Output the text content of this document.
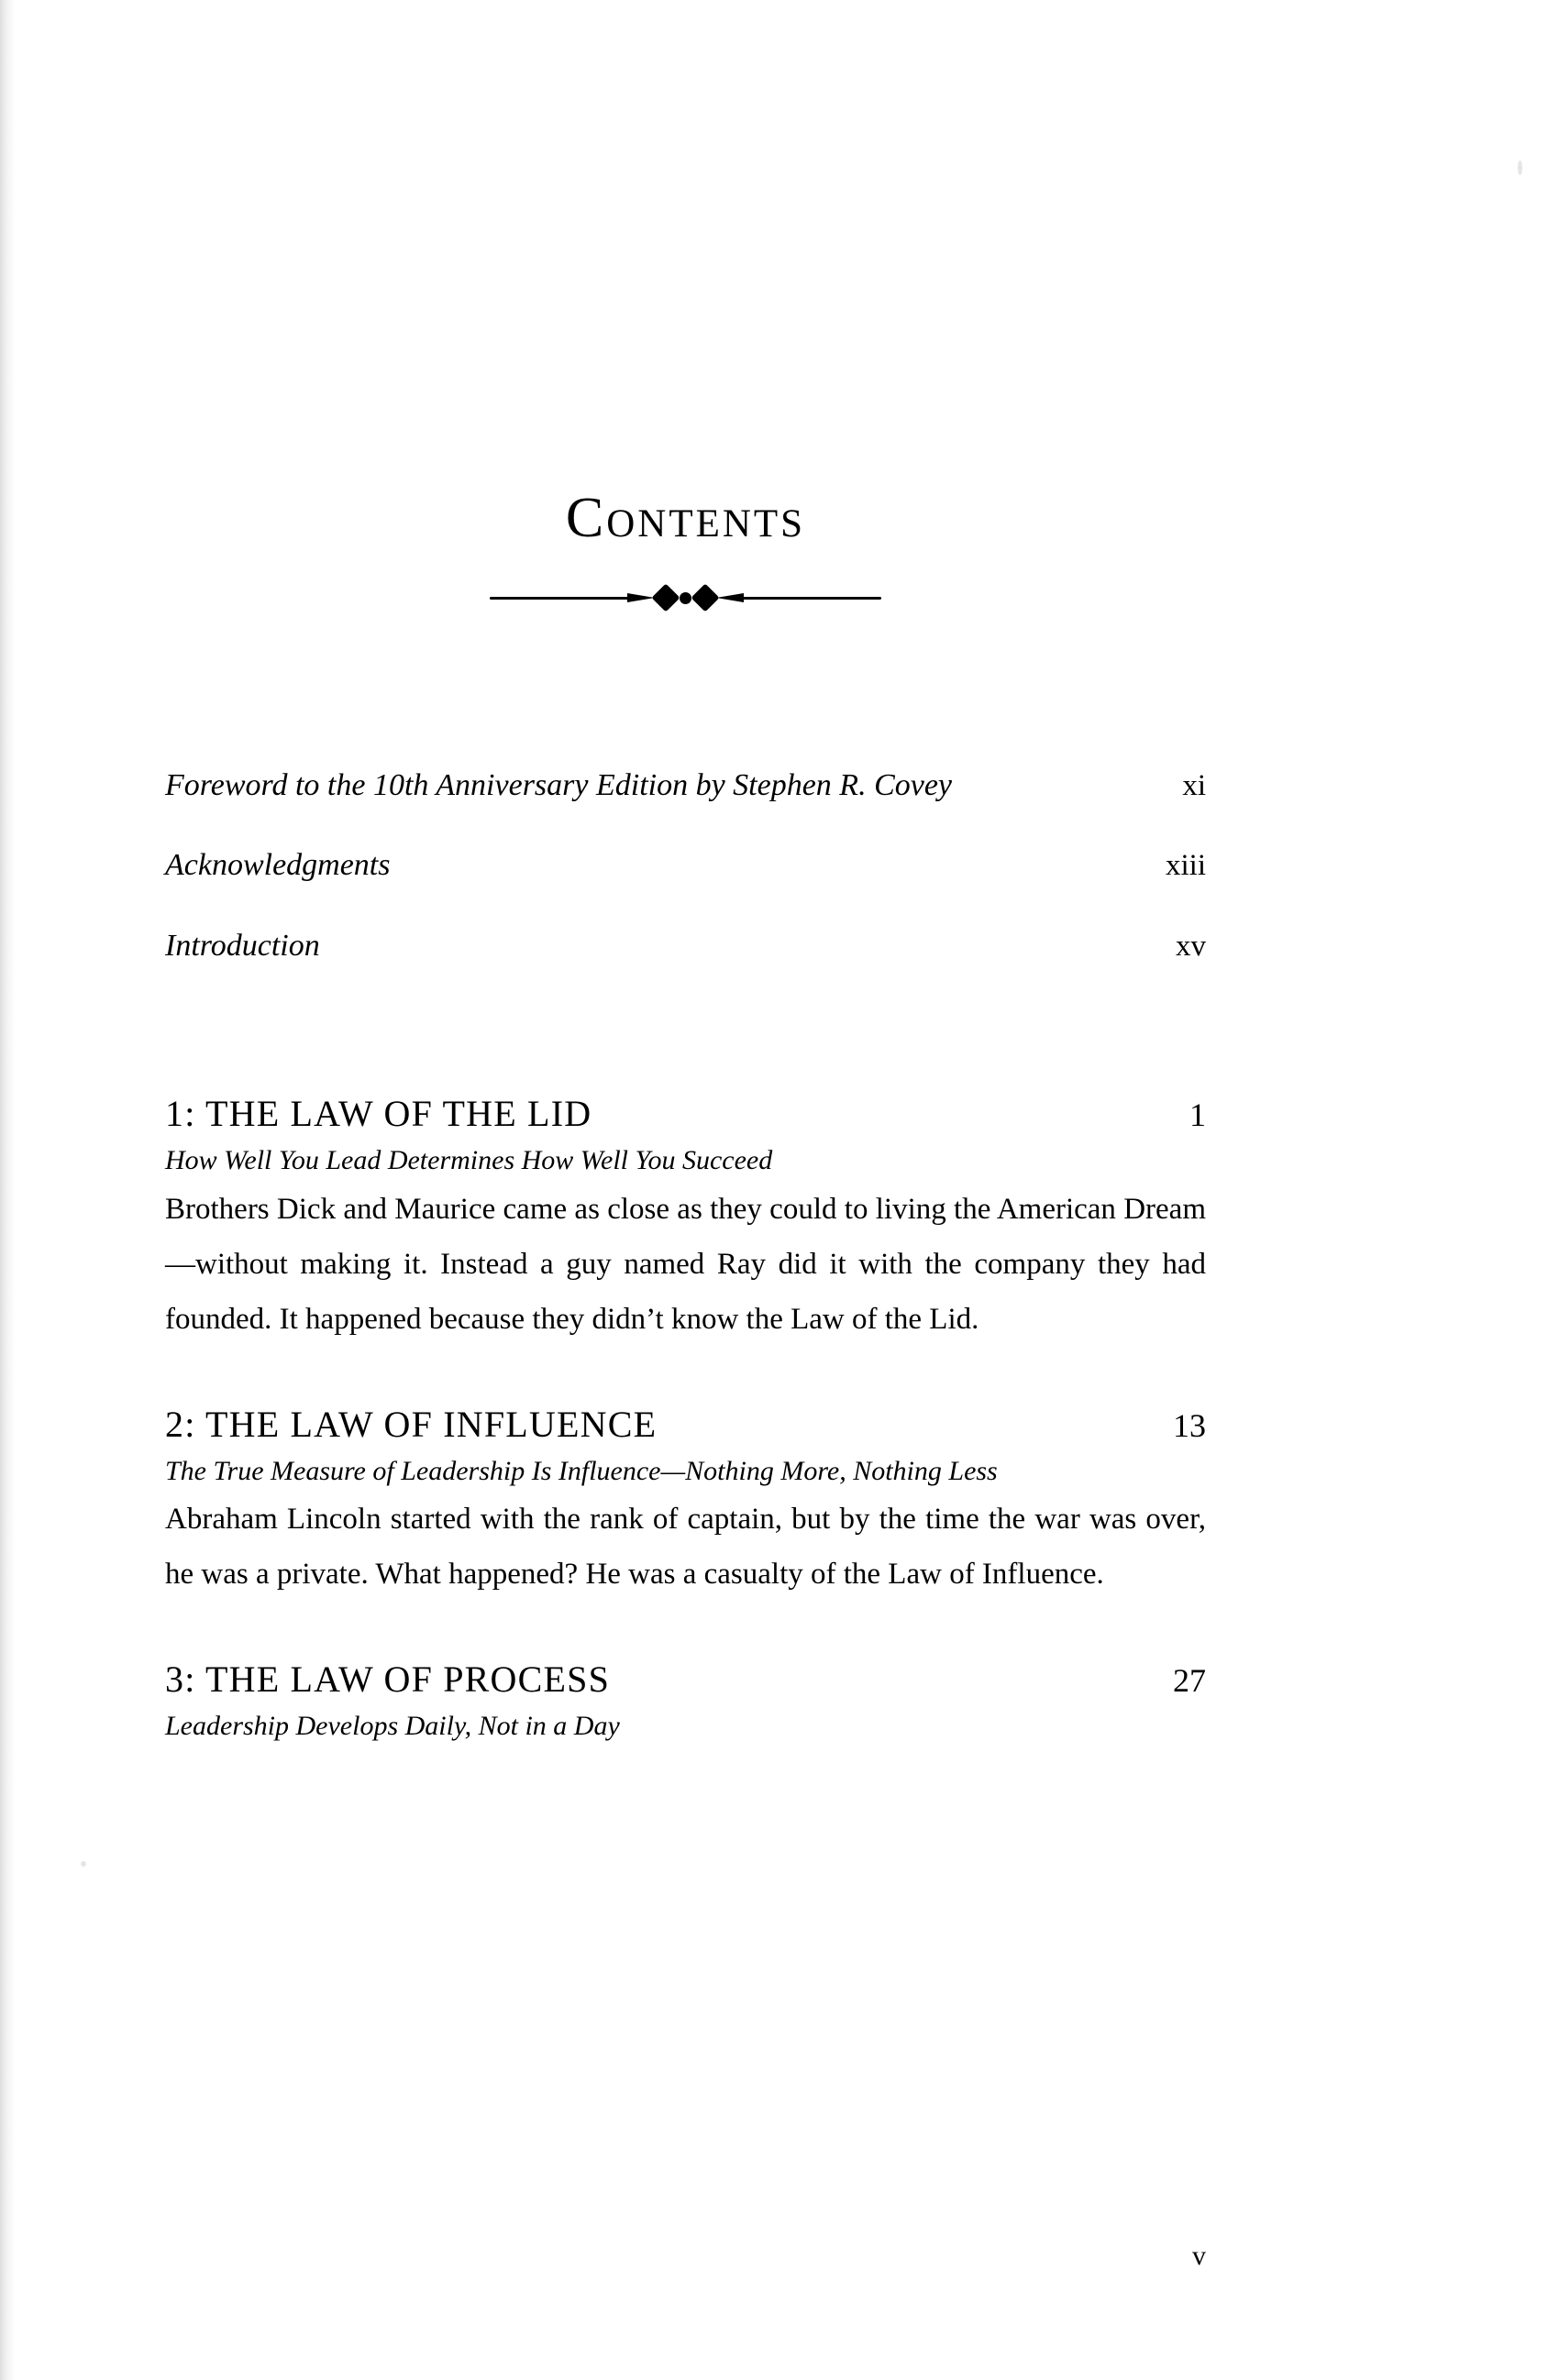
Contents
Foreword to the 10th Anniversary Edition by Stephen R. Covey	xi
Acknowledgments	xiii
Introduction	xv
1: THE LAW OF THE LID	1
How Well You Lead Determines How Well You Succeed
Brothers Dick and Maurice came as close as they could to living the American Dream—without making it. Instead a guy named Ray did it with the company they had founded. It happened because they didn’t know the Law of the Lid.
2: THE LAW OF INFLUENCE	13
The True Measure of Leadership Is Influence—Nothing More, Nothing Less
Abraham Lincoln started with the rank of captain, but by the time the war was over, he was a private. What happened? He was a casualty of the Law of Influence.
3: THE LAW OF PROCESS	27
Leadership Develops Daily, Not in a Day
v
